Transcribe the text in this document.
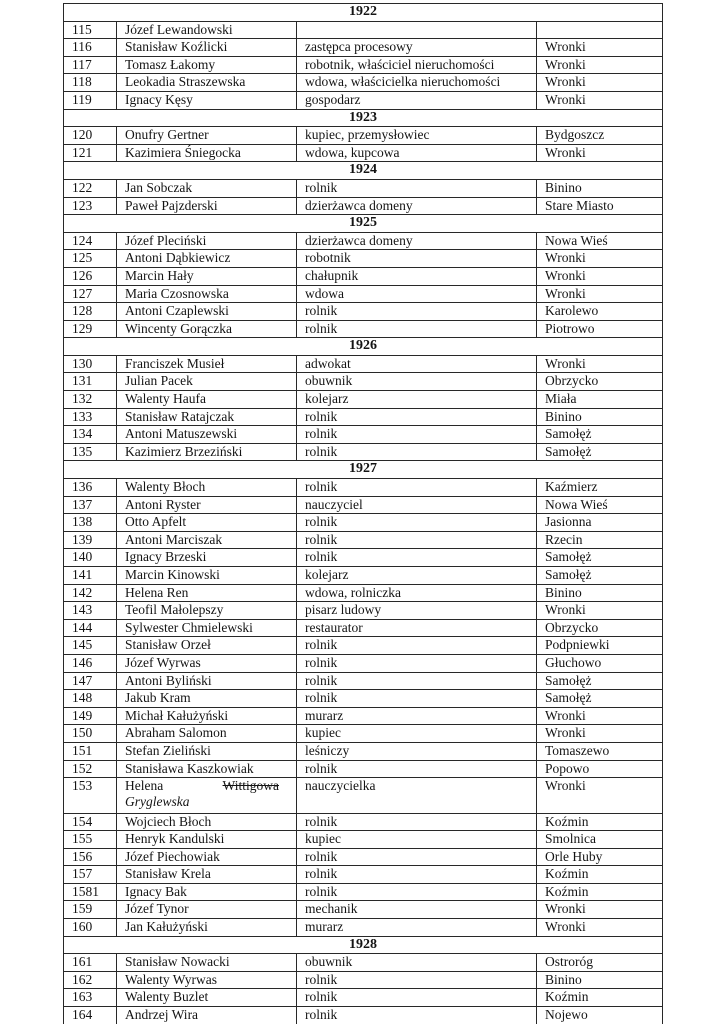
1922			
115	Józef Lewandowski		
116	Stanisław Koźlicki	zastępca procesowy	Wronki
117	Tomasz Łakomy	robotnik, właściciel nieruchomości	Wronki
118	Leokadia Straszewska	wdowa, właścicielka nieruchomości	Wronki
119	Ignacy Kęsy	gospodarz	Wronki
1923			
120	Onufry Gertner	kupiec, przemysłowiec	Bydgoszcz
121	Kazimiera Śniegocka	wdowa, kupcowa	Wronki
1924			
122	Jan Sobczak	rolnik	Binino
123	Paweł Pajzderski	dzierżawca domeny	Stare Miasto
1925			
124	Józef Pleciński	dzierżawca domeny	Nowa Wieś
125	Antoni Dąbkiewicz	robotnik	Wronki
126	Marcin Hały	chałupnik	Wronki
127	Maria Czosnowska	wdowa	Wronki
128	Antoni Czaplewski	rolnik	Karolewo
129	Wincenty Gorączka	rolnik	Piotrowo
1926			
130	Franciszek Musieł	adwokat	Wronki
131	Julian Pacek	obuwnik	Obrzycko
132	Walenty Haufa	kolejarz	Miała
133	Stanisław Ratajczak	rolnik	Binino
134	Antoni Matuszewski	rolnik	Samołęż
135	Kazimierz Brzeziński	rolnik	Samołęż
1927			
136	Walenty Błoch	rolnik	Kaźmierz
137	Antoni Ryster	nauczyciel	Nowa Wieś
138	Otto Apfelt	rolnik	Jasionna
139	Antoni Marciszak	rolnik	Rzecin
140	Ignacy Brzeski	rolnik	Samołęż
141	Marcin Kinowski	kolejarz	Samołęż
142	Helena Ren	wdowa, rolniczka	Binino
143	Teofil Małolepszy	pisarz ludowy	Wronki
144	Sylwester Chmielewski	restaurator	Obrzycko
145	Stanisław Orzeł	rolnik	Podpniewki
146	Józef Wyrwas	rolnik	Głuchowo
147	Antoni Byliński	rolnik	Samołęż
148	Jakub Kram	rolnik	Samołęż
149	Michał Kałużyński	murarz	Wronki
150	Abraham Salomon	kupiec	Wronki
151	Stefan Zieliński	leśniczy	Tomaszewo
152	Stanisława Kaszkowiak	rolnik	Popowo
153	Helena Wittigowa
Gryglewska	nauczycielka	Wronki
154	Wojciech Błoch	rolnik	Koźmin
155	Henryk Kandulski	kupiec	Smolnica
156	Józef Piechowiak	rolnik	Orle Huby
157	Stanisław Krela	rolnik	Koźmin
1581	Ignacy Bak	rolnik	Koźmin
159	Józef Tynor	mechanik	Wronki
160	Jan Kałużyński	murarz	Wronki
1928			
161	Stanisław Nowacki	obuwnik	Ostroróg
162	Walenty Wyrwas	rolnik	Binino
163	Walenty Buzlet	rolnik	Koźmin
164	Andrzej Wira	rolnik	Nojewo
